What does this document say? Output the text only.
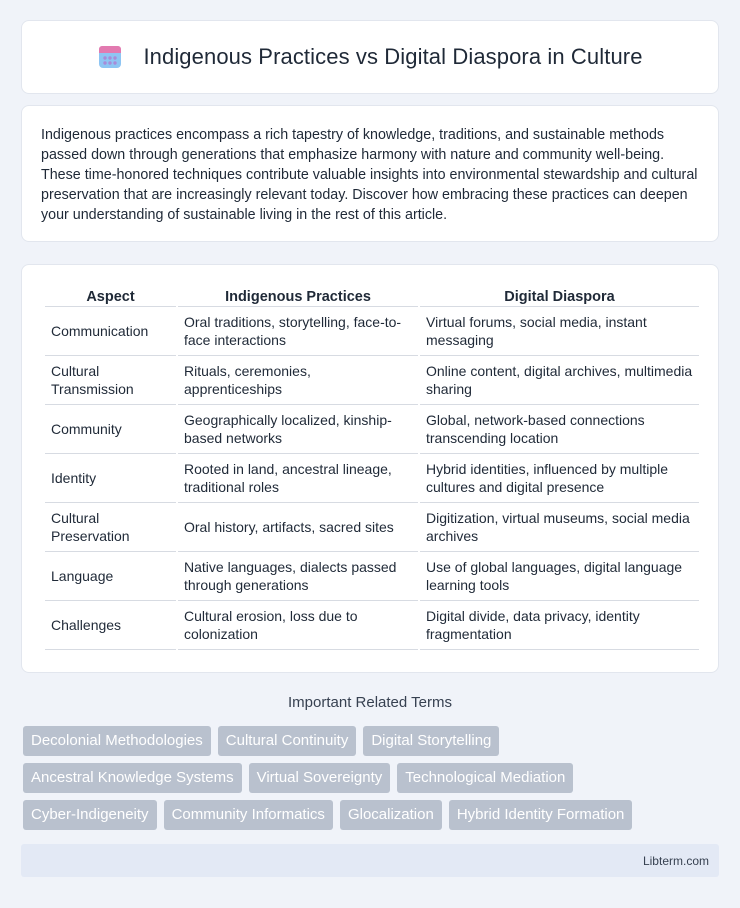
Indigenous Practices vs Digital Diaspora in Culture

Indigenous practices encompass a rich tapestry of knowledge, traditions, and sustainable methods passed down through generations that emphasize harmony with nature and community well-being. These time-honored techniques contribute valuable insights into environmental stewardship and cultural preservation that are increasingly relevant today. Discover how embracing these practices can deepen your understanding of sustainable living in the rest of this article.

Aspect	Indigenous Practices	Digital Diaspora
Communication	Oral traditions, storytelling, face-to-face interactions	Virtual forums, social media, instant messaging
Cultural Transmission	Rituals, ceremonies, apprenticeships	Online content, digital archives, multimedia sharing
Community	Geographically localized, kinship-based networks	Global, network-based connections transcending location
Identity	Rooted in land, ancestral lineage, traditional roles	Hybrid identities, influenced by multiple cultures and digital presence
Cultural Preservation	Oral history, artifacts, sacred sites	Digitization, virtual museums, social media archives
Language	Native languages, dialects passed through generations	Use of global languages, digital language learning tools
Challenges	Cultural erosion, loss due to colonization	Digital divide, data privacy, identity fragmentation
Important Related Terms
Decolonial Methodologies	Cultural Continuity	Digital Storytelling
Ancestral Knowledge Systems	Virtual Sovereignty	Technological Mediation
Cyber-Indigeneity	Community Informatics	Glocalization	Hybrid Identity Formation
Libterm.com
